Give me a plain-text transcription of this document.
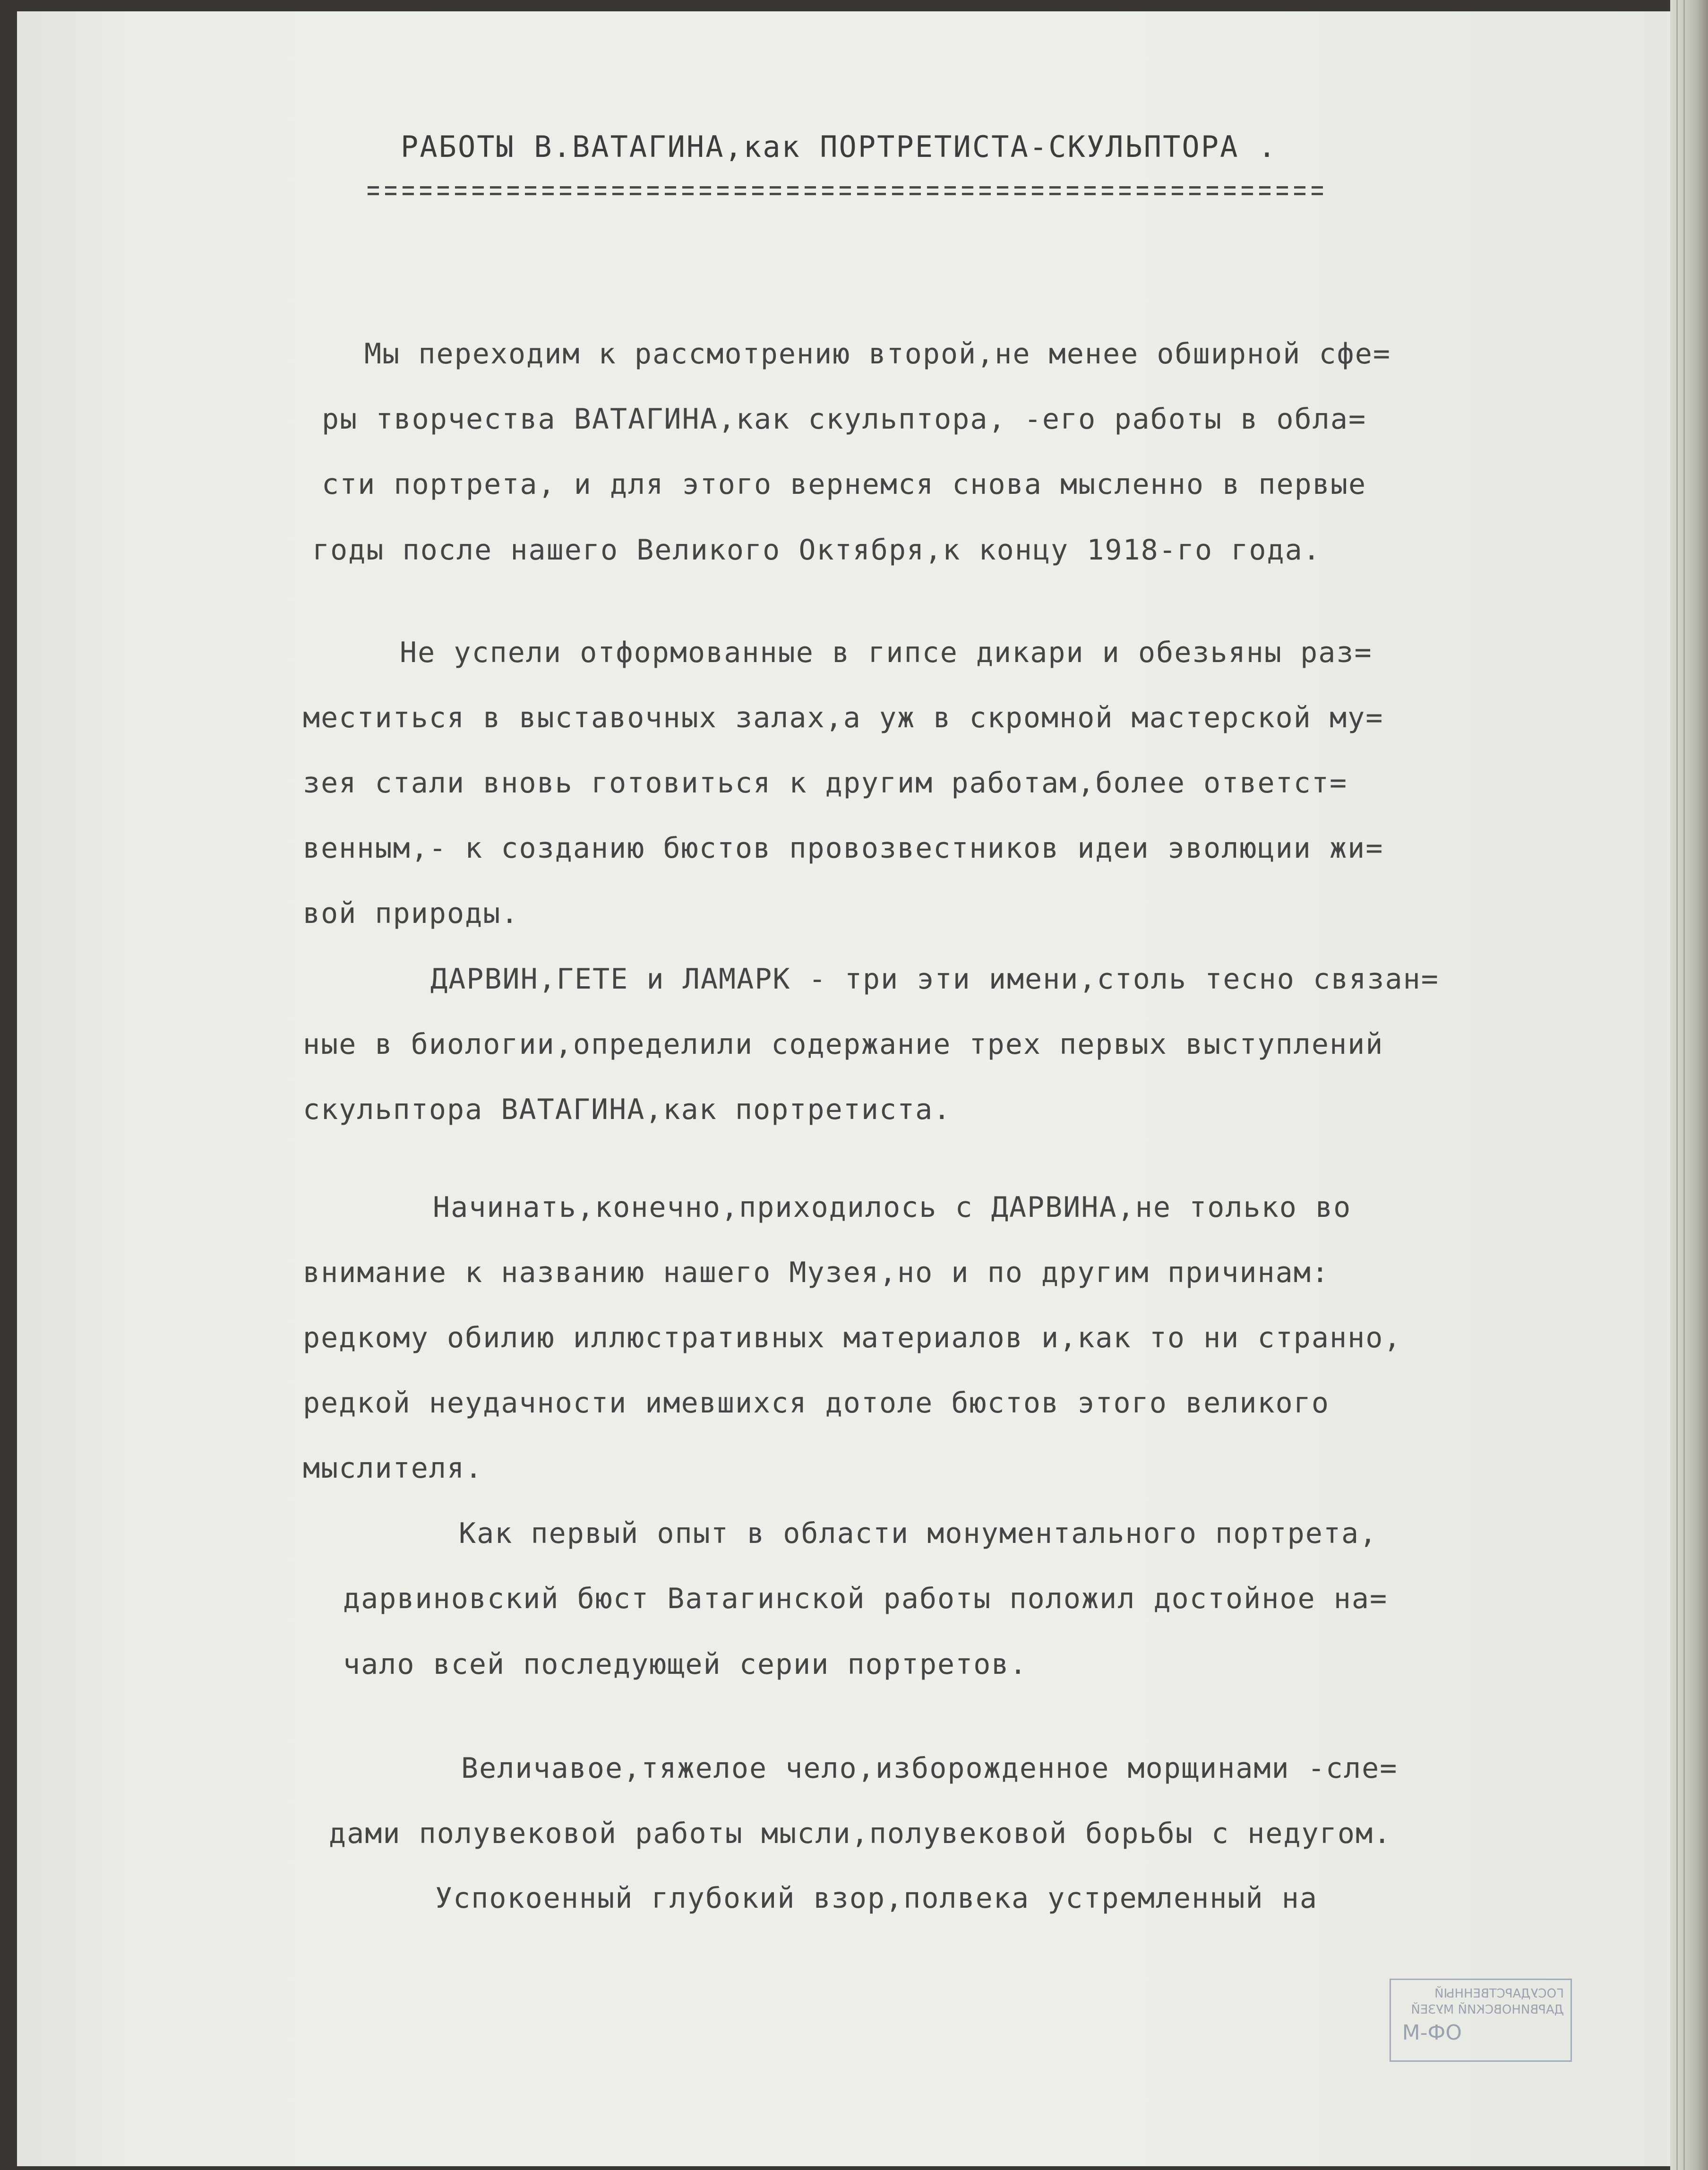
РАБОТЫ В.ВАТАГИНА,как ПОРТРЕТИСТА-СКУЛЬПТОРА .

Мы переходим к рассмотрению второй,не менее обширной сфе=

ры творчества ВАТАГИНА,как скульптора, -его работы в обла=

сти портрета, и для этого вернемся снова мысленно в первые

годы после нашего Великого Октября,к концу 1918-го года.

Не успели отформованные в гипсе дикари и обезьяны раз=

меститься в выставочных залах,а уж в скромной мастерской му=

зея стали вновь готовиться к другим работам,более ответст=

венным,- к созданию бюстов провозвестников идеи эволюции жи=

вой природы.

ДАРВИН,ГЕТЕ и ЛАМАРК - три эти имени,столь тесно связан=

ные в биологии,определили содержание трех первых выступлений

скульптора ВАТАГИНА,как портретиста.

Начинать,конечно,приходилось с ДАРВИНА,не только во

внимание к названию нашего Музея,но и по другим причинам:

редкому обилию иллюстративных материалов и,как то ни странно,

редкой неудачности имевшихся дотоле бюстов этого великого

мыслителя.

Как первый опыт в области монументального портрета,

дарвиновский бюст Ватагинской работы положил достойное на=

чало всей последующей серии портретов.

Величавое,тяжелое чело,изборожденное морщинами -сле=

дами полувековой работы мысли,полувековой борьбы с недугом.

Успокоенный глубокий взор,полвека устремленный на

ГОСУДАРСТВЕННЫЙ
ДАРВИНОВСКИЙ МУЗЕЙ
ОФ-М
